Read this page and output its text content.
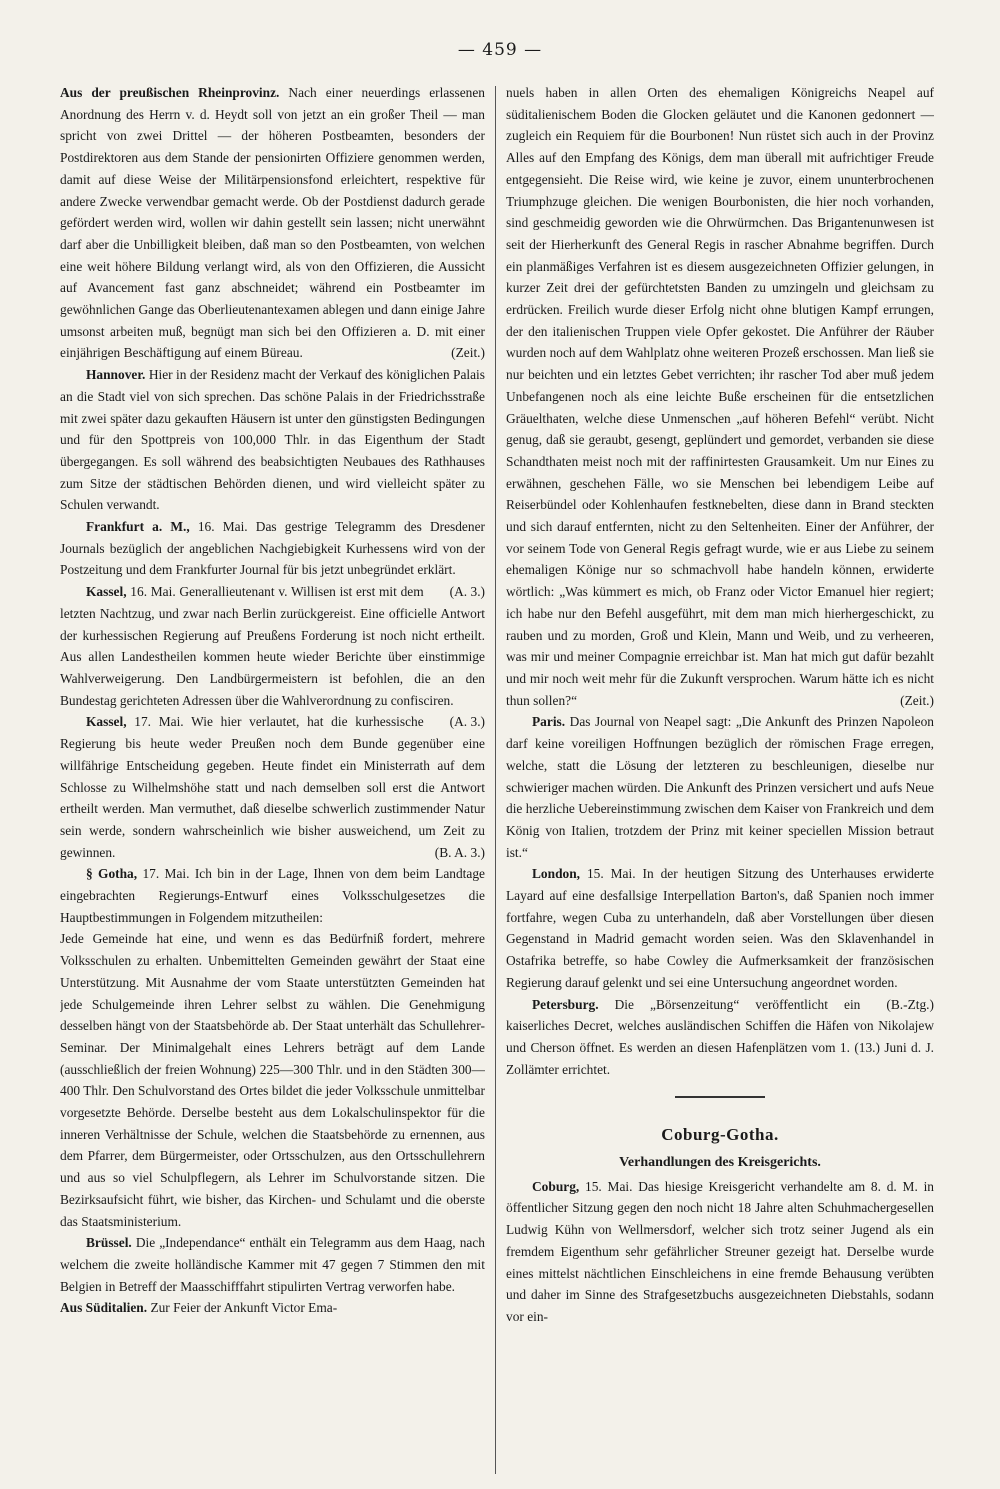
— 459 —

Aus der preußischen Rheinprovinz. Nach einer neuerdings erlassenen Anordnung des Herrn v. d. Heydt soll von jetzt an ein großer Theil — man spricht von zwei Drittel — der höheren Postbeamten, besonders der Postdirektoren aus dem Stande der pensionirten Offiziere genommen werden, damit auf diese Weise der Militärpensionsfond erleichtert, respektive für andere Zwecke verwendbar gemacht werde. Ob der Postdienst dadurch gerade gefördert werden wird, wollen wir dahin gestellt sein lassen; nicht unerwähnt darf aber die Unbilligkeit bleiben, daß man so den Postbeamten, von welchen eine weit höhere Bildung verlangt wird, als von den Offizieren, die Aussicht auf Avancement fast ganz abschneidet; während ein Postbeamter im gewöhnlichen Gange das Oberlieutenantexamen ablegen und dann einige Jahre umsonst arbeiten muß, begnügt man sich bei den Offizieren a. D. mit einer einjährigen Beschäftigung auf einem Büreau.	(Zeit.)

Hannover. Hier in der Residenz macht der Verkauf des königlichen Palais an die Stadt viel von sich sprechen. Das schöne Palais in der Friedrichsstraße mit zwei später dazu gekauften Häusern ist unter den günstigsten Bedingungen und für den Spottpreis von 100,000 Thlr. in das Eigenthum der Stadt übergegangen. Es soll während des beabsichtigten Neubaues des Rathhauses zum Sitze der städtischen Behörden dienen, und wird vielleicht später zu Schulen verwandt.

Frankfurt a. M., 16. Mai. Das gestrige Telegramm des Dresdener Journals bezüglich der angeblichen Nachgiebigkeit Kurhessens wird von der Postzeitung und dem Frankfurter Journal für bis jetzt unbegründet erklärt.
(A. 3.)

Kassel, 16. Mai. Generallieutenant v. Willisen ist erst mit dem letzten Nachtzug, und zwar nach Berlin zurückgereist. Eine officielle Antwort der kurhessischen Regierung auf Preußens Forderung ist noch nicht ertheilt. Aus allen Landestheilen kommen heute wieder Berichte über einstimmige Wahlverweigerung. Den Landbürgermeistern ist befohlen, die an den Bundestag gerichteten Adressen über die Wahlverordnung zu confisciren.
(A. 3.)

Kassel, 17. Mai. Wie hier verlautet, hat die kurhessische Regierung bis heute weder Preußen noch dem Bunde gegenüber eine willfährige Entscheidung gegeben. Heute findet ein Ministerrath auf dem Schlosse zu Wilhelmshöhe statt und nach demselben soll erst die Antwort ertheilt werden. Man vermuthet, daß dieselbe schwerlich zustimmender Natur sein werde, sondern wahrscheinlich wie bisher ausweichend, um Zeit zu gewinnen.	(B. A. 3.)

§ Gotha, 17. Mai. Ich bin in der Lage, Ihnen von dem beim Landtage eingebrachten Regierungs-Entwurf eines Volksschulgesetzes die Hauptbestimmungen in Folgendem mitzutheilen:

Jede Gemeinde hat eine, und wenn es das Bedürfniß fordert, mehrere Volksschulen zu erhalten. Unbemittelten Gemeinden gewährt der Staat eine Unterstützung. Mit Ausnahme der vom Staate unterstützten Gemeinden hat jede Schulgemeinde ihren Lehrer selbst zu wählen. Die Genehmigung desselben hängt von der Staatsbehörde ab. Der Staat unterhält das Schullehrer-Seminar. Der Minimalgehalt eines Lehrers beträgt auf dem Lande (ausschließlich der freien Wohnung) 225—300 Thlr. und in den Städten 300—400 Thlr. Den Schulvorstand des Ortes bildet die jeder Volksschule unmittelbar vorgesetzte Behörde. Derselbe besteht aus dem Lokalschulinspektor für die inneren Verhältnisse der Schule, welchen die Staatsbehörde zu ernennen, aus dem Pfarrer, dem Bürgermeister, oder Ortsschulzen, aus den Ortsschullehrern und aus so viel Schulpflegern, als Lehrer im Schulvorstande sitzen. Die Bezirksaufsicht führt, wie bisher, das Kirchen- und Schulamt und die oberste das Staatsministerium.

Brüssel. Die „Independance“ enthält ein Telegramm aus dem Haag, nach welchem die zweite holländische Kammer mit 47 gegen 7 Stimmen den mit Belgien in Betreff der Maasschifffahrt stipulirten Vertrag verworfen habe.

Aus Süditalien. Zur Feier der Ankunft Victor Ema-

nuels haben in allen Orten des ehemaligen Königreichs Neapel auf süditalienischem Boden die Glocken geläutet und die Kanonen gedonnert — zugleich ein Requiem für die Bourbonen! Nun rüstet sich auch in der Provinz Alles auf den Empfang des Königs, dem man überall mit aufrichtiger Freude entgegensieht. Die Reise wird, wie keine je zuvor, einem ununterbrochenen Triumphzuge gleichen. Die wenigen Bourbonisten, die hier noch vorhanden, sind geschmeidig geworden wie die Ohrwürmchen. Das Brigantenunwesen ist seit der Hierherkunft des General Regis in rascher Abnahme begriffen. Durch ein planmäßiges Verfahren ist es diesem ausgezeichneten Offizier gelungen, in kurzer Zeit drei der gefürchtetsten Banden zu umzingeln und gleichsam zu erdrücken. Freilich wurde dieser Erfolg nicht ohne blutigen Kampf errungen, der den italienischen Truppen viele Opfer gekostet. Die Anführer der Räuber wurden noch auf dem Wahlplatz ohne weiteren Prozeß erschossen. Man ließ sie nur beichten und ein letztes Gebet verrichten; ihr rascher Tod aber muß jedem Unbefangenen noch als eine leichte Buße erscheinen für die entsetzlichen Gräuelthaten, welche diese Unmenschen „auf höheren Befehl“ verübt. Nicht genug, daß sie geraubt, gesengt, geplündert und gemordet, verbanden sie diese Schandthaten meist noch mit der raffinirtesten Grausamkeit. Um nur Eines zu erwähnen, geschehen Fälle, wo sie Menschen bei lebendigem Leibe auf Reiserbündel oder Kohlenhaufen festknebelten, diese dann in Brand steckten und sich darauf entfernten, nicht zu den Seltenheiten. Einer der Anführer, der vor seinem Tode von General Regis gefragt wurde, wie er aus Liebe zu seinem ehemaligen Könige nur so schmachvoll habe handeln können, erwiderte wörtlich: „Was kümmert es mich, ob Franz oder Victor Emanuel hier regiert; ich habe nur den Befehl ausgeführt, mit dem man mich hierhergeschickt, zu rauben und zu morden, Groß und Klein, Mann und Weib, und zu verheeren, was mir und meiner Compagnie erreichbar ist. Man hat mich gut dafür bezahlt und mir noch weit mehr für die Zukunft versprochen. Warum hätte ich es nicht thun sollen?“	(Zeit.)

Paris. Das Journal von Neapel sagt: „Die Ankunft des Prinzen Napoleon darf keine voreiligen Hoffnungen bezüglich der römischen Frage erregen, welche, statt die Lösung der letzteren zu beschleunigen, dieselbe nur schwieriger machen würden. Die Ankunft des Prinzen versichert und aufs Neue die herzliche Uebereinstimmung zwischen dem Kaiser von Frankreich und dem König von Italien, trotzdem der Prinz mit keiner speciellen Mission betraut ist.“

London, 15. Mai. In der heutigen Sitzung des Unterhauses erwiderte Layard auf eine desfallsige Interpellation Barton's, daß Spanien noch immer fortfahre, wegen Cuba zu unterhandeln, daß aber Vorstellungen über diesen Gegenstand in Madrid gemacht worden seien. Was den Sklavenhandel in Ostafrika betreffe, so habe Cowley die Aufmerksamkeit der französischen Regierung darauf gelenkt und sei eine Untersuchung angeordnet worden.
(B.-Ztg.)

Petersburg. Die „Börsenzeitung“ veröffentlicht ein kaiserliches Decret, welches ausländischen Schiffen die Häfen von Nikolajew und Cherson öffnet. Es werden an diesen Hafenplätzen vom 1. (13.) Juni d. J. Zollämter errichtet.

Coburg-Gotha.
Verhandlungen des Kreisgerichts.

Coburg, 15. Mai. Das hiesige Kreisgericht verhandelte am 8. d. M. in öffentlicher Sitzung gegen den noch nicht 18 Jahre alten Schuhmachergesellen Ludwig Kühn von Wellmersdorf, welcher sich trotz seiner Jugend als ein fremdem Eigenthum sehr gefährlicher Streuner gezeigt hat. Derselbe wurde eines mittelst nächtlichen Einschleichens in eine fremde Behausung verübten und daher im Sinne des Strafgesetzbuchs ausgezeichneten Diebstahls, sodann vor ein-
